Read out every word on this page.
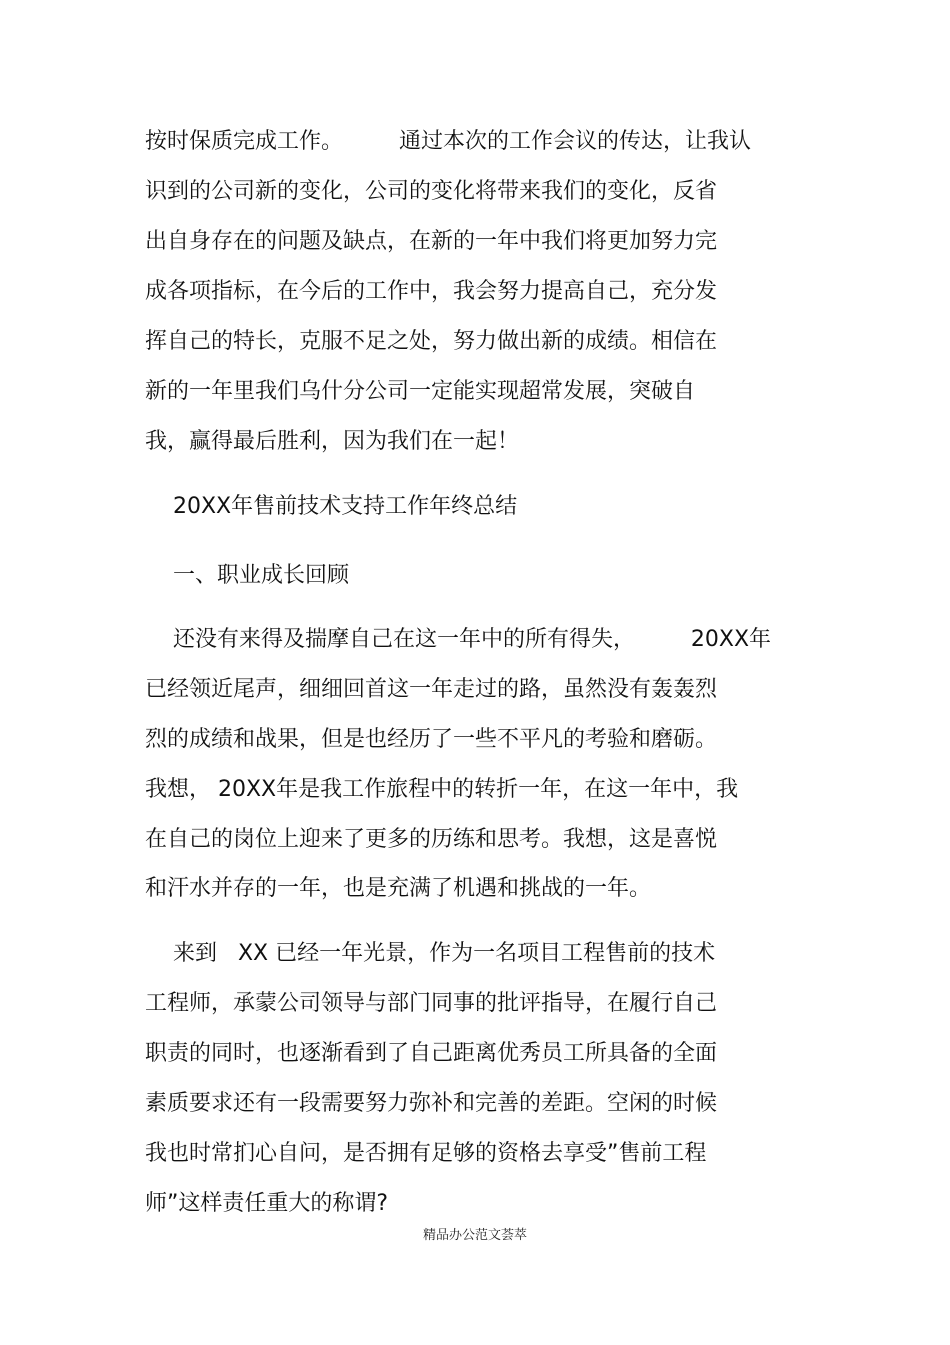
按时保质完成工作。        通过本次的工作会议的传达，让我认
识到的公司新的变化，公司的变化将带来我们的变化，反省
出自身存在的问题及缺点，在新的一年中我们将更加努力完
成各项指标，在今后的工作中，我会努力提高自己，充分发
挥自己的特长，克服不足之处，努力做出新的成绩。相信在
新的一年里我们乌什分公司一定能实现超常发展，突破自
我，赢得最后胜利，因为我们在一起！
20XX年售前技术支持工作年终总结
一、职业成长回顾
还没有来得及揣摩自己在这一年中的所有得失，        20XX年
已经领近尾声，细细回首这一年走过的路，虽然没有轰轰烈
烈的成绩和战果，但是也经历了一些不平凡的考验和磨砺。
我想， 20XX年是我工作旅程中的转折一年，在这一年中，我
在自己的岗位上迎来了更多的历练和思考。我想，这是喜悦
和汗水并存的一年，也是充满了机遇和挑战的一年。
来到   XX 已经一年光景，作为一名项目工程售前的技术
工程师，承蒙公司领导与部门同事的批评指导，在履行自己
职责的同时，也逐渐看到了自己距离优秀员工所具备的全面
素质要求还有一段需要努力弥补和完善的差距。空闲的时候
我也时常扪心自问，是否拥有足够的资格去享受”售前工程
师”这样责任重大的称谓?
精品办公范文荟萃
